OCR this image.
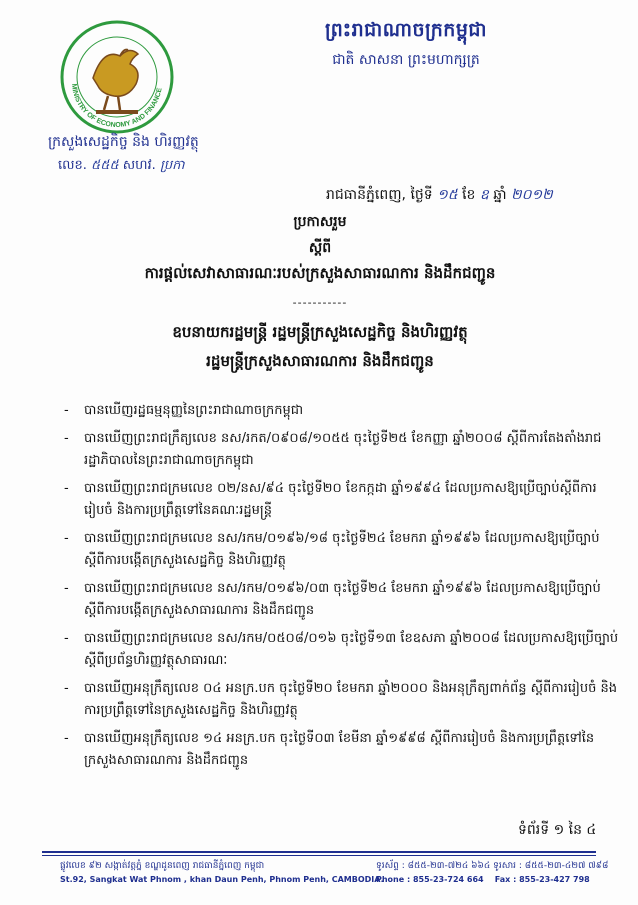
MINISTRY OF ECONOMY AND FINANCE
ក្រសួងសេដ្ឋកិច្ច និង ហិរញ្ញវត្ថុ
លេខ. ៥៥៥ សហវ. ប្រកា
ព្រះរាជាណាចក្រកម្ពុជា
ជាតិ សាសនា ព្រះមហាក្សត្រ
រាជធានីភ្នំពេញ, ថ្ងៃទី ១៥ ខែ ឧ ឆ្នាំ ២០១២
ប្រកាសរួម
ស្តីពី
ការផ្តល់សេវាសាធារណៈរបស់ក្រសួងសាធារណការ និងដឹកជញ្ជូន
-----------
ឧបនាយករដ្ឋមន្ត្រី រដ្ឋមន្ត្រីក្រសួងសេដ្ឋកិច្ច និងហិរញ្ញវត្ថុ
រដ្ឋមន្ត្រីក្រសួងសាធារណការ និងដឹកជញ្ជូន
- បានឃើញរដ្ឋធម្មនុញ្ញនៃព្រះរាជាណាចក្រកម្ពុជា
- បានឃើញព្រះរាជក្រឹត្យលេខ នស/រកត/០៩០៨/១០៥៥ ចុះថ្ងៃទី២៥ ខែកញ្ញា ឆ្នាំ២០០៨ ស្តីពីការតែងតាំងរាជរដ្ឋាភិបាលនៃព្រះរាជាណាចក្រកម្ពុជា
- បានឃើញព្រះរាជក្រមលេខ ០២/នស/៩៤ ចុះថ្ងៃទី២០ ខែកក្កដា ឆ្នាំ១៩៩៤ ដែលប្រកាសឱ្យប្រើច្បាប់ស្តីពីការរៀបចំ និងការប្រព្រឹត្តទៅនៃគណៈរដ្ឋមន្ត្រី
- បានឃើញព្រះរាជក្រមលេខ នស/រកម/០១៩៦/១៨ ចុះថ្ងៃទី២៤ ខែមករា ឆ្នាំ១៩៩៦ ដែលប្រកាសឱ្យប្រើច្បាប់ ស្តីពីការបង្កើតក្រសួងសេដ្ឋកិច្ច និងហិរញ្ញវត្ថុ
- បានឃើញព្រះរាជក្រមលេខ នស/រកម/០១៩៦/០៣ ចុះថ្ងៃទី២៤ ខែមករា ឆ្នាំ១៩៩៦ ដែលប្រកាសឱ្យប្រើច្បាប់ ស្តីពីការបង្កើតក្រសួងសាធារណការ និងដឹកជញ្ជូន
- បានឃើញព្រះរាជក្រមលេខ នស/រកម/០៥០៨/០១៦ ចុះថ្ងៃទី១៣ ខែឧសភា ឆ្នាំ២០០៨ ដែលប្រកាសឱ្យប្រើច្បាប់ ស្តីពីប្រព័ន្ធហិរញ្ញវត្ថុសាធារណៈ
- បានឃើញអនុក្រឹត្យលេខ ០៤ អនក្រ.បក ចុះថ្ងៃទី២០ ខែមករា ឆ្នាំ២០០០ និងអនុក្រឹត្យពាក់ព័ន្ធ ស្តីពីការរៀបចំ និងការប្រព្រឹត្តទៅនៃក្រសួងសេដ្ឋកិច្ច និងហិរញ្ញវត្ថុ
- បានឃើញអនុក្រឹត្យលេខ ១៤ អនក្រ.បក ចុះថ្ងៃទី០៣ ខែមីនា ឆ្នាំ១៩៩៨ ស្តីពីការរៀបចំ និងការប្រព្រឹត្តទៅនៃក្រសួងសាធារណការ និងដឹកជញ្ជូន
ទំព័រទី ១ នៃ ៤
ផ្លូវលេខ ៩២ សង្កាត់វត្តភ្នំ ខណ្ឌដូនពេញ រាជធានីភ្នំពេញ កម្ពុជា
St.92, Sangkat Wat Phnom , khan Daun Penh, Phnom Penh, CAMBODIA.
ទូរស័ព្ទ : ៨៥៥-២៣-៧២៤ ៦៦៤ ទូរសារ : ៨៥៥-២៣-៤២៧ ៧៩៨
Phone : 855-23-724 664 Fax : 855-23-427 798
